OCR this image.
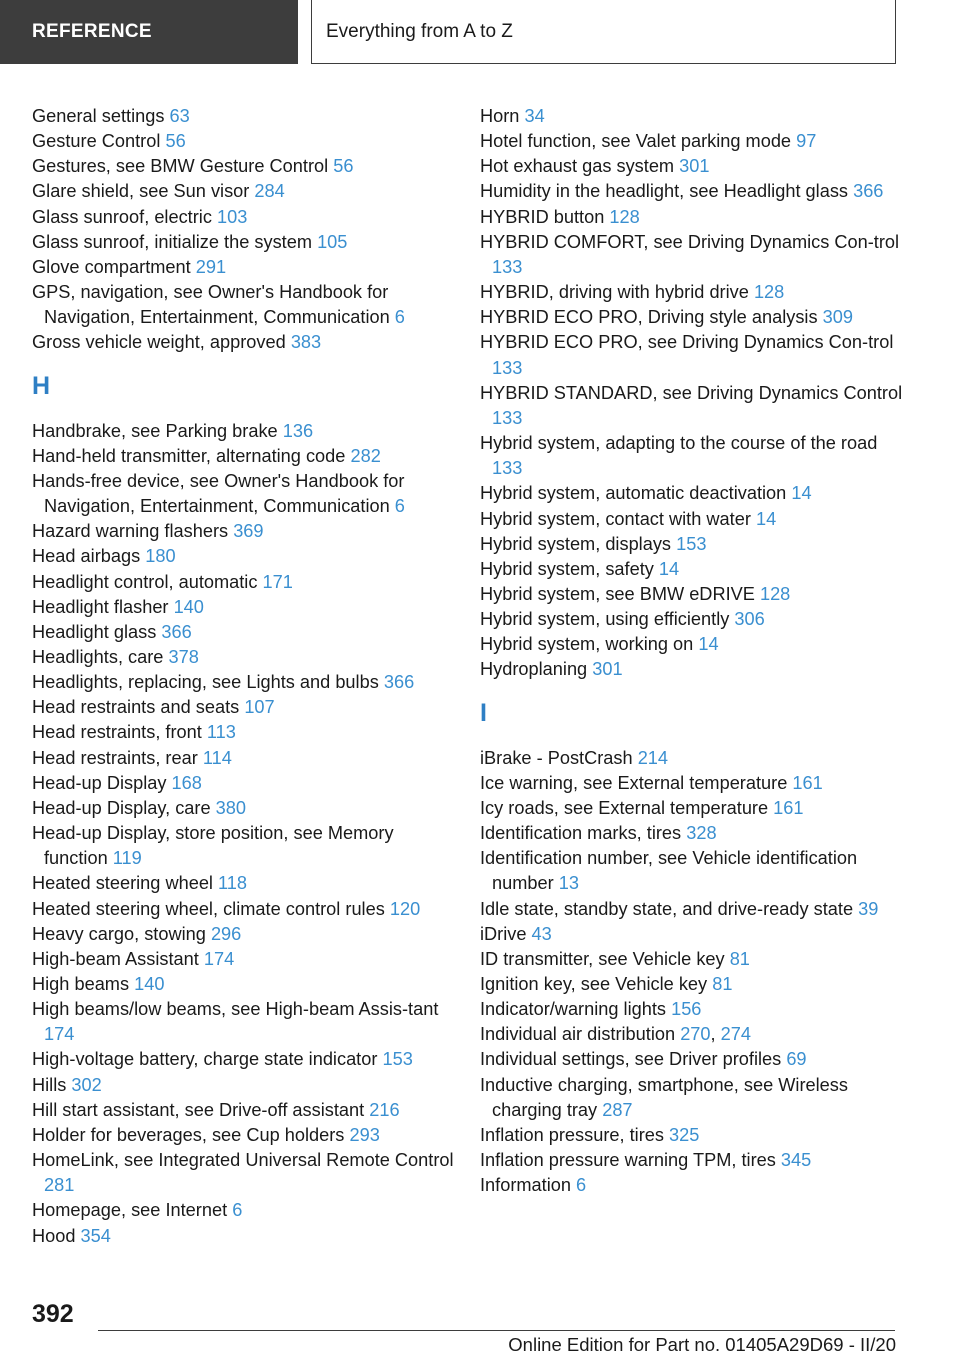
REFERENCE	Everything from A to Z
General settings 63
Gesture Control 56
Gestures, see BMW Gesture Control 56
Glare shield, see Sun visor 284
Glass sunroof, electric 103
Glass sunroof, initialize the system 105
Glove compartment 291
GPS, navigation, see Owner's Handbook for Navigation, Entertainment, Communication 6
Gross vehicle weight, approved 383
H
Handbrake, see Parking brake 136
Hand-held transmitter, alternating code 282
Hands-free device, see Owner's Handbook for Navigation, Entertainment, Communication 6
Hazard warning flashers 369
Head airbags 180
Headlight control, automatic 171
Headlight flasher 140
Headlight glass 366
Headlights, care 378
Headlights, replacing, see Lights and bulbs 366
Head restraints and seats 107
Head restraints, front 113
Head restraints, rear 114
Head-up Display 168
Head-up Display, care 380
Head-up Display, store position, see Memory function 119
Heated steering wheel 118
Heated steering wheel, climate control rules 120
Heavy cargo, stowing 296
High-beam Assistant 174
High beams 140
High beams/low beams, see High-beam Assis-tant 174
High-voltage battery, charge state indicator 153
Hills 302
Hill start assistant, see Drive-off assistant 216
Holder for beverages, see Cup holders 293
HomeLink, see Integrated Universal Remote Control 281
Homepage, see Internet 6
Hood 354
Horn 34
Hotel function, see Valet parking mode 97
Hot exhaust gas system 301
Humidity in the headlight, see Headlight glass 366
HYBRID button 128
HYBRID COMFORT, see Driving Dynamics Con-trol 133
HYBRID, driving with hybrid drive 128
HYBRID ECO PRO, Driving style analysis 309
HYBRID ECO PRO, see Driving Dynamics Con-trol 133
HYBRID STANDARD, see Driving Dynamics Control 133
Hybrid system, adapting to the course of the road 133
Hybrid system, automatic deactivation 14
Hybrid system, contact with water 14
Hybrid system, displays 153
Hybrid system, safety 14
Hybrid system, see BMW eDRIVE 128
Hybrid system, using efficiently 306
Hybrid system, working on 14
Hydroplaning 301
I
iBrake - PostCrash 214
Ice warning, see External temperature 161
Icy roads, see External temperature 161
Identification marks, tires 328
Identification number, see Vehicle identification number 13
Idle state, standby state, and drive-ready state 39
iDrive 43
ID transmitter, see Vehicle key 81
Ignition key, see Vehicle key 81
Indicator/warning lights 156
Individual air distribution 270, 274
Individual settings, see Driver profiles 69
Inductive charging, smartphone, see Wireless charging tray 287
Inflation pressure, tires 325
Inflation pressure warning TPM, tires 345
Information 6
392
Online Edition for Part no. 01405A29D69 - II/20
